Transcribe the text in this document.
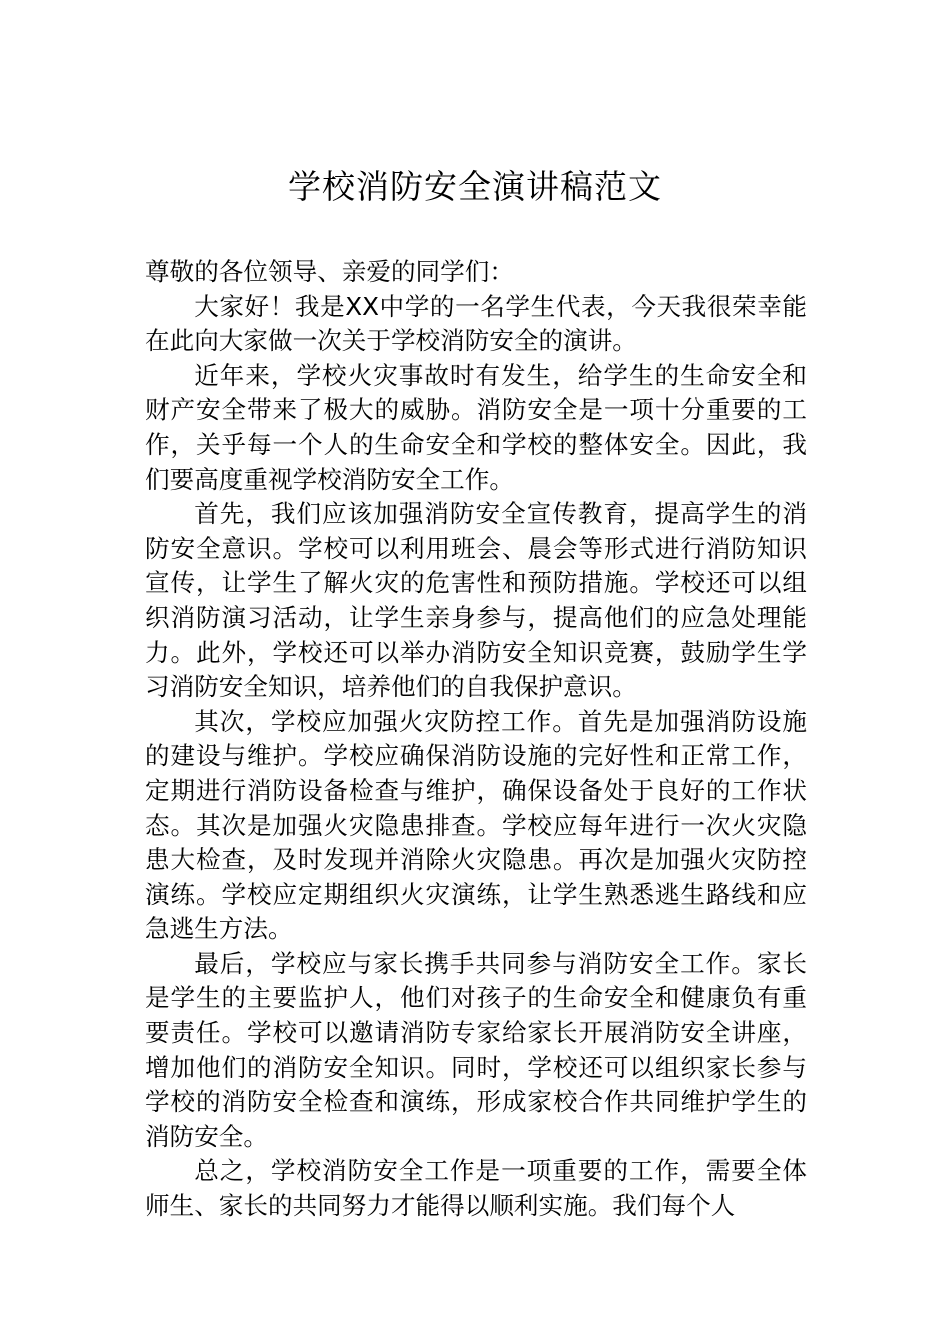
学校消防安全演讲稿范文

尊敬的各位领导、亲爱的同学们：

大家好！我是XX中学的一名学生代表，今天我很荣幸能在此向大家做一次关于学校消防安全的演讲。

近年来，学校火灾事故时有发生，给学生的生命安全和财产安全带来了极大的威胁。消防安全是一项十分重要的工作，关乎每一个人的生命安全和学校的整体安全。因此，我们要高度重视学校消防安全工作。

首先，我们应该加强消防安全宣传教育，提高学生的消防安全意识。学校可以利用班会、晨会等形式进行消防知识宣传，让学生了解火灾的危害性和预防措施。学校还可以组织消防演习活动，让学生亲身参与，提高他们的应急处理能力。此外，学校还可以举办消防安全知识竞赛，鼓励学生学习消防安全知识，培养他们的自我保护意识。

其次，学校应加强火灾防控工作。首先是加强消防设施的建设与维护。学校应确保消防设施的完好性和正常工作，定期进行消防设备检查与维护，确保设备处于良好的工作状态。其次是加强火灾隐患排查。学校应每年进行一次火灾隐患大检查，及时发现并消除火灾隐患。再次是加强火灾防控演练。学校应定期组织火灾演练，让学生熟悉逃生路线和应急逃生方法。

最后，学校应与家长携手共同参与消防安全工作。家长是学生的主要监护人，他们对孩子的生命安全和健康负有重要责任。学校可以邀请消防专家给家长开展消防安全讲座，增加他们的消防安全知识。同时，学校还可以组织家长参与学校的消防安全检查和演练，形成家校合作共同维护学生的消防安全。

总之，学校消防安全工作是一项重要的工作，需要全体师生、家长的共同努力才能得以顺利实施。我们每个人
